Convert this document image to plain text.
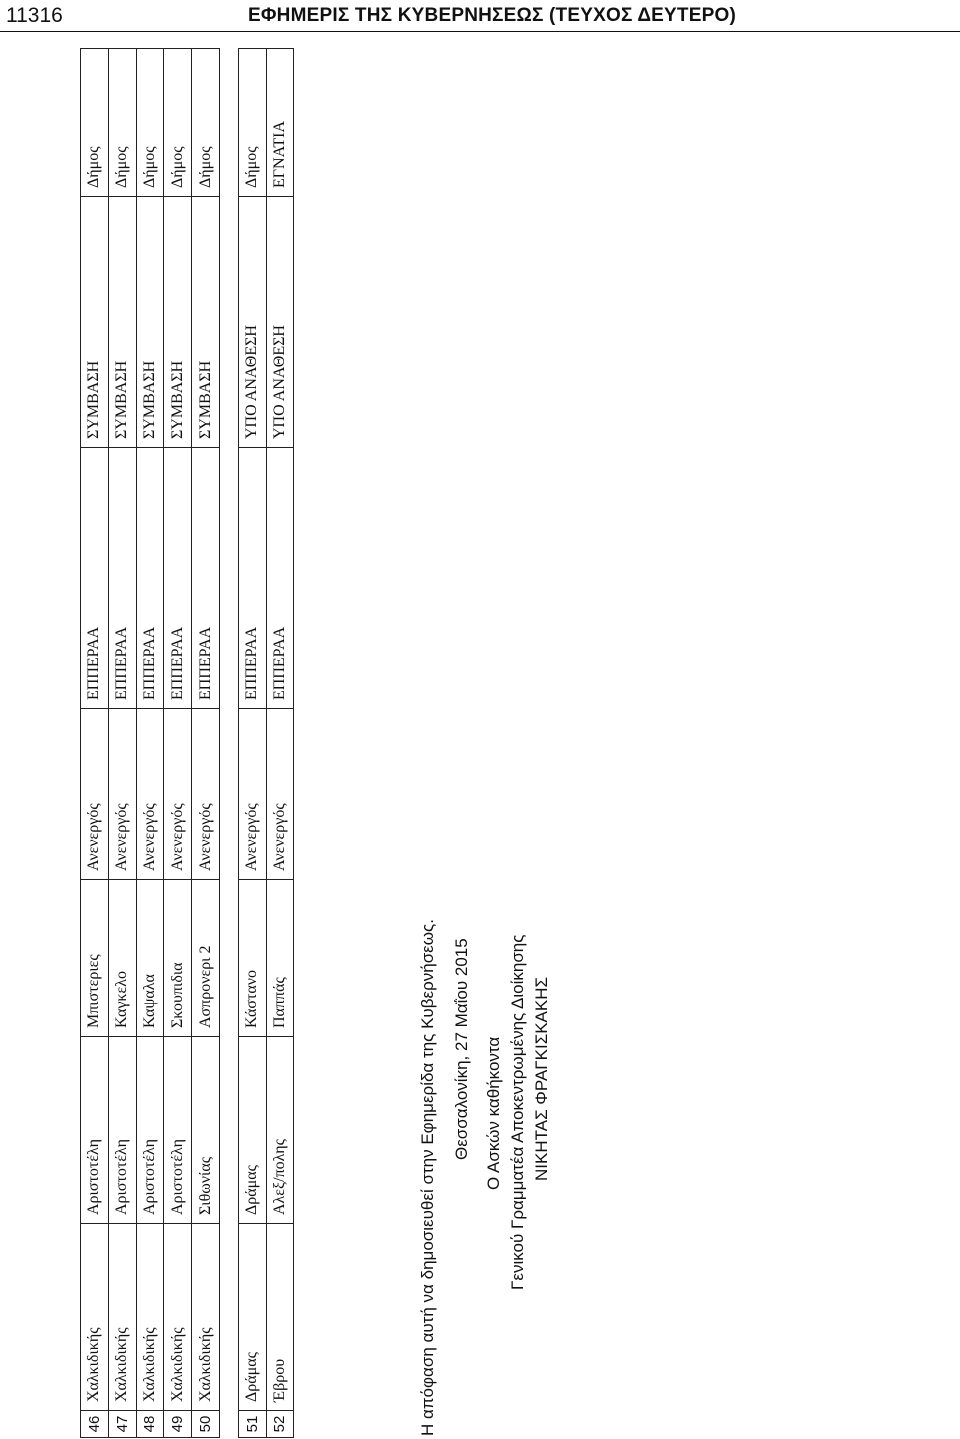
11316	ΕΦΗΜΕΡΙΣ ΤΗΣ ΚΥΒΕΡΝΗΣΕΩΣ (ΤΕΥΧΟΣ ΔΕΥΤΕΡΟ)
46	Χαλκιδικής	Αριστοτέλη	Μπιστεριες	Ανενεργός	ΕΠΠΕΡΑΑ	ΣΥΜΒΑΣΗ	Δήμος
47	Χαλκιδικής	Αριστοτέλη	Καγκελο	Ανενεργός	ΕΠΠΕΡΑΑ	ΣΥΜΒΑΣΗ	Δήμος
48	Χαλκιδικής	Αριστοτέλη	Καψαλα	Ανενεργός	ΕΠΠΕΡΑΑ	ΣΥΜΒΑΣΗ	Δήμος
49	Χαλκιδικής	Αριστοτέλη	Σκουπιδια	Ανενεργός	ΕΠΠΕΡΑΑ	ΣΥΜΒΑΣΗ	Δήμος
50	Χαλκιδικής	Σιθωνίας	Ασπρονερι 2	Ανενεργός	ΕΠΠΕΡΑΑ	ΣΥΜΒΑΣΗ	Δήμος
51	Δράμας	Δράμας	Κάστανο	Ανενεργός	ΕΠΠΕΡΑΑ	ΥΠΟ ΑΝΑΘΕΣΗ	Δήμος
52	Έβρου	Αλεξ/πολης	Παππάς	Ανενεργός	ΕΠΠΕΡΑΑ	ΥΠΟ ΑΝΑΘΕΣΗ	ΕΓΝΑΤΙΑ
Η απόφαση αυτή να δημοσιευθεί στην Εφημερίδα της Κυβερνήσεως. Θεσσαλονίκη, 27 Μαΐου 2015 Ο Ασκών καθήκοντα Γενικού Γραμματέα Αποκεντρωμένης Διοίκησης ΝΙΚΗΤΑΣ ΦΡΑΓΚΙΣΚΑΚΗΣ
